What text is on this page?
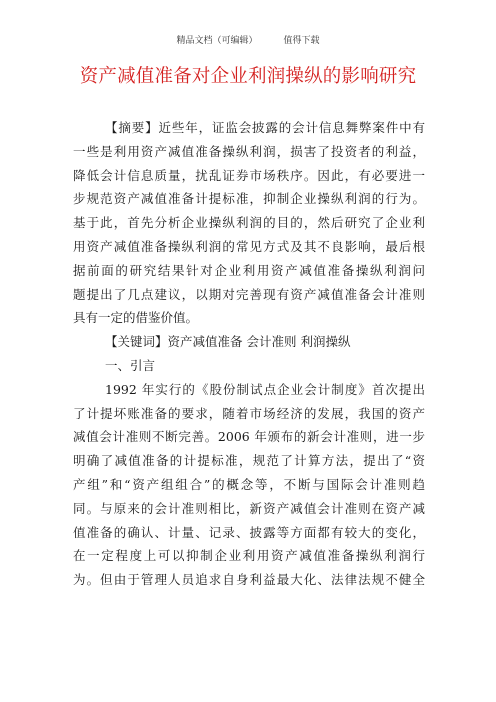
精品文档（可编辑）	值得下载
资产减值准备对企业利润操纵的影响研究
【摘要】近些年，证监会披露的会计信息舞弊案件中有
一些是利用资产减值准备操纵利润，损害了投资者的利益，
降低会计信息质量，扰乱证券市场秩序。因此，有必要进一
步规范资产减值准备计提标准，抑制企业操纵利润的行为。
基于此，首先分析企业操纵利润的目的，然后研究了企业利
用资产减值准备操纵利润的常见方式及其不良影响，最后根
据前面的研究结果针对企业利用资产减值准备操纵利润问
题提出了几点建议，以期对完善现有资产减值准备会计准则
具有一定的借鉴价值。
【关键词】资产减值准备 会计准则 利润操纵
一、引言
1992 年实行的《股份制试点企业会计制度》首次提出
了计提坏账准备的要求，随着市场经济的发展，我国的资产
减值会计准则不断完善。2006 年颁布的新会计准则，进一步
明确了减值准备的计提标准，规范了计算方法，提出了“资
产组”和“资产组组合”的概念等，不断与国际会计准则趋
同。与原来的会计准则相比，新资产减值会计准则在资产减
值准备的确认、计量、记录、披露等方面都有较大的变化，
在一定程度上可以抑制企业利用资产减值准备操纵利润行
为。但由于管理人员追求自身利益最大化、法律法规不健全
